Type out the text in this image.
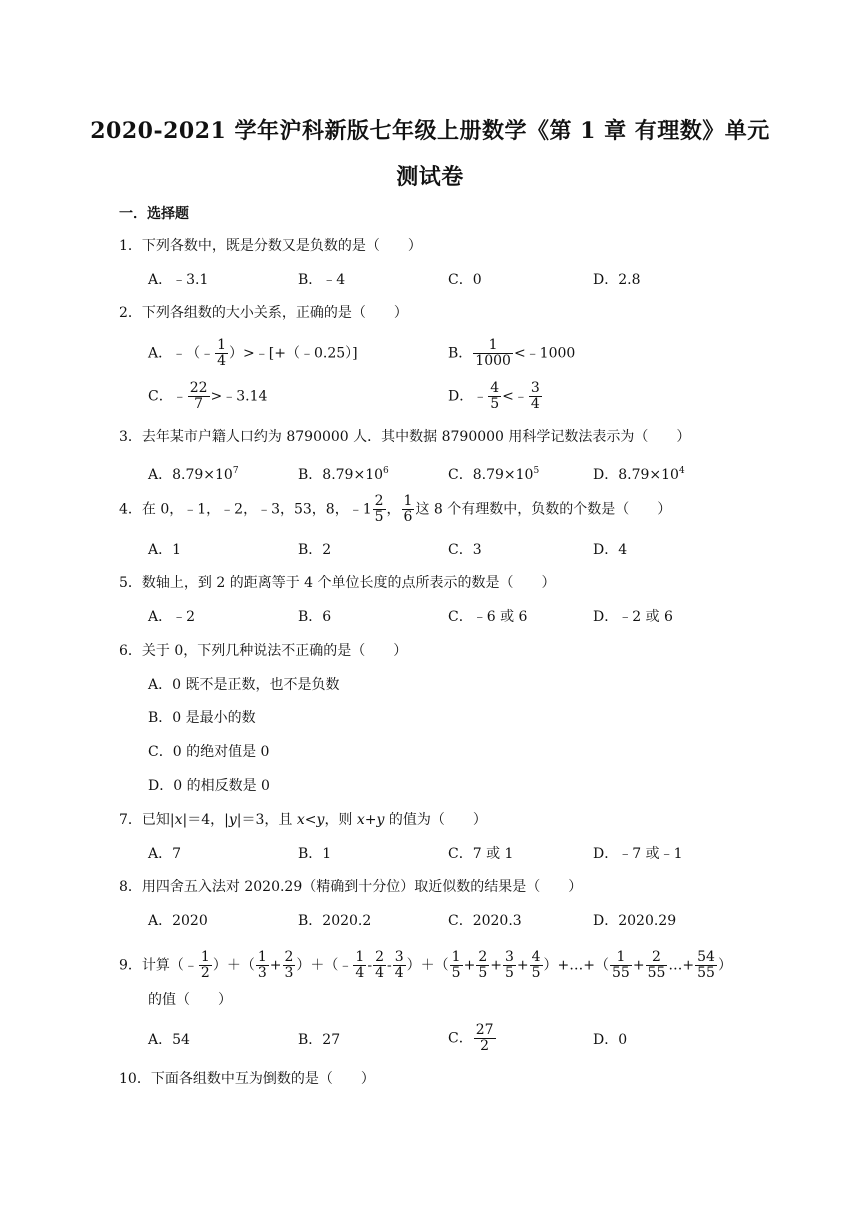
2020-2021 学年沪科新版七年级上册数学《第 1 章 有理数》单元
测试卷
一．选择题
1．下列各数中，既是分数又是负数的是（　　）
A．﹣3.1	B．﹣4	C．0	D．2.8
2．下列各组数的大小关系，正确的是（　　）
A．﹣（﹣ $\frac{1}{4}$ ）>﹣[+（﹣0.25）]	B． $\frac{1}{1000}$ <﹣1000
C．﹣ $\frac{22}{7}$ >﹣3.14	D．﹣ $\frac{4}{5}$ <﹣ $\frac{3}{4}$
3．去年某市户籍人口约为 8790000 人．其中数据 8790000 用科学记数法表示为（　　）
A．$8.79\times 10^7$	B．$8.79\times 10^6$	C．$8.79\times 10^5$	D．$8.79\times 10^4$
4．在 0，﹣1，﹣2，﹣3，53，8，﹣1 $\frac{2}{5}$ ， $\frac{1}{6}$ 这 8 个有理数中，负数的个数是（　　）
A．1	B．2	C．3	D．4
5．数轴上，到 2 的距离等于 4 个单位长度的点所表示的数是（　　）
A．﹣2	B．6	C．﹣6 或 6	D．﹣2 或 6
6．关于 0，下列几种说法不正确的是（　　）
A．0 既不是正数，也不是负数
B．0 是最小的数
C．0 的绝对值是 0
D．0 的相反数是 0
7．已知|x|＝4，|y|＝3，且 x<y，则 x+y 的值为（　　）
A．7	B．1	C．7 或 1	D．﹣7 或﹣1
8．用四舍五入法对 2020.29（精确到十分位）取近似数的结果是（　　）
A．2020	B．2020.2	C．2020.3	D．2020.29
9．计算（﹣ $\frac{1}{2}$ ）＋（ $\frac{1}{3} + \frac{2}{3}$ ）＋（﹣ $\frac{1}{4} - \frac{2}{4} - \frac{3}{4}$ ）＋（ $\frac{1}{5} + \frac{2}{5} + \frac{3}{5} + \frac{4}{5}$ ）+…+（ $\frac{1}{55} + \frac{2}{55}$ …+ $\frac{54}{55}$ ）
的值（　　）
A．54	B．27	C． $\frac{27}{2}$	D．0
10．下面各组数中互为倒数的是（　　）
